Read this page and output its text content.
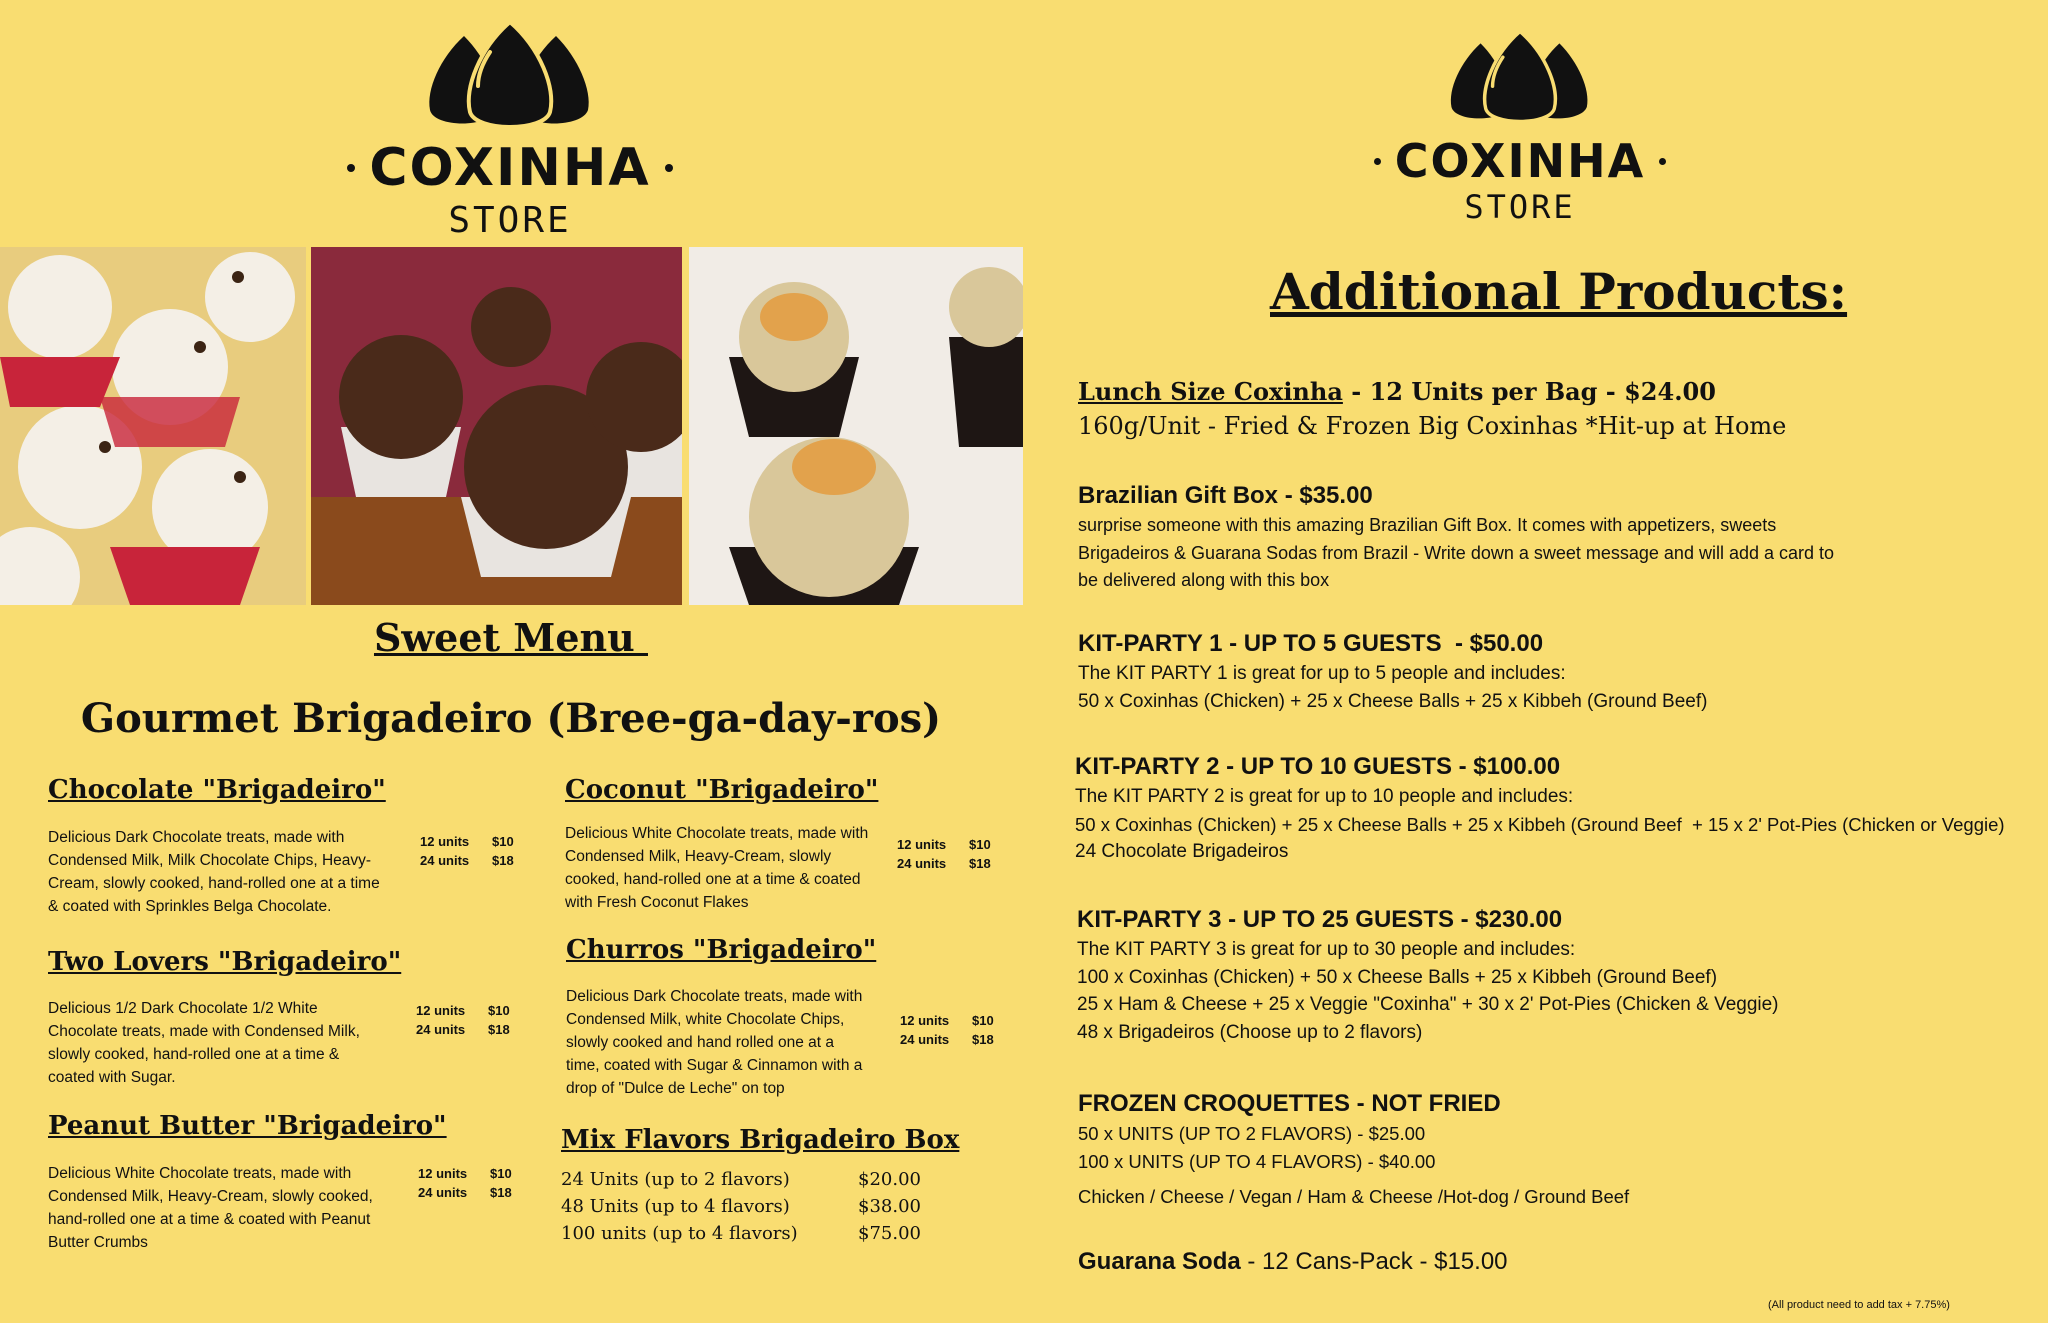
COXINHA
STORE
COXINHA
STORE
Sweet Menu
Gourmet Brigadeiro (Bree-ga-day-ros)
Chocolate "Brigadeiro"
Delicious Dark Chocolate treats, made with Condensed Milk, Milk Chocolate Chips, Heavy-Cream, slowly cooked, hand-rolled one at a time & coated with Sprinkles Belga Chocolate.
12 units $10
24 units $18
Coconut "Brigadeiro"
Delicious White Chocolate treats, made with Condensed Milk, Heavy-Cream, slowly cooked, hand-rolled one at a time & coated with Fresh Coconut Flakes
12 units $10
24 units $18
Two Lovers "Brigadeiro"
Delicious 1/2 Dark Chocolate 1/2 White Chocolate treats, made with Condensed Milk, slowly cooked, hand-rolled one at a time & coated with Sugar.
12 units $10
24 units $18
Churros "Brigadeiro"
Delicious Dark Chocolate treats, made with Condensed Milk, white Chocolate Chips, slowly cooked and hand rolled one at a time, coated with Sugar & Cinnamon with a drop of "Dulce de Leche" on top
12 units $10
24 units $18
Peanut Butter "Brigadeiro"
Delicious White Chocolate treats, made with Condensed Milk, Heavy-Cream, slowly cooked, hand-rolled one at a time & coated with Peanut Butter Crumbs
12 units $10
24 units $18
Mix Flavors Brigadeiro Box
24 Units (up to 2 flavors)	$20.00
48 Units (up to 4 flavors)	$38.00
100 units (up to 4 flavors)	$75.00
Additional Products:
Lunch Size Coxinha - 12 Units per Bag - $24.00
160g/Unit - Fried & Frozen Big Coxinhas *Hit-up at Home
Brazilian Gift Box - $35.00
surprise someone with this amazing Brazilian Gift Box. It comes with appetizers, sweets
Brigadeiros & Guarana Sodas from Brazil - Write down a sweet message and will add a card to
be delivered along with this box
KIT-PARTY 1 - UP TO 5 GUESTS  - $50.00
The KIT PARTY 1 is great for up to 5 people and includes:
50 x Coxinhas (Chicken) + 25 x Cheese Balls + 25 x Kibbeh (Ground Beef)
KIT-PARTY 2 - UP TO 10 GUESTS - $100.00
The KIT PARTY 2 is great for up to 10 people and includes:
50 x Coxinhas (Chicken) + 25 x Cheese Balls + 25 x Kibbeh (Ground Beef  + 15 x 2' Pot-Pies (Chicken or Veggie)
24 Chocolate Brigadeiros
KIT-PARTY 3 - UP TO 25 GUESTS - $230.00
The KIT PARTY 3 is great for up to 30 people and includes:
100 x Coxinhas (Chicken) + 50 x Cheese Balls + 25 x Kibbeh (Ground Beef)
25 x Ham & Cheese + 25 x Veggie "Coxinha" + 30 x 2' Pot-Pies (Chicken & Veggie)
48 x Brigadeiros (Choose up to 2 flavors)
FROZEN CROQUETTES - NOT FRIED
50 x UNITS (UP TO 2 FLAVORS) - $25.00
100 x UNITS (UP TO 4 FLAVORS) - $40.00
Chicken / Cheese / Vegan / Ham & Cheese /Hot-dog / Ground Beef
Guarana Soda - 12 Cans-Pack - $15.00
(All product need to add tax + 7.75%)
